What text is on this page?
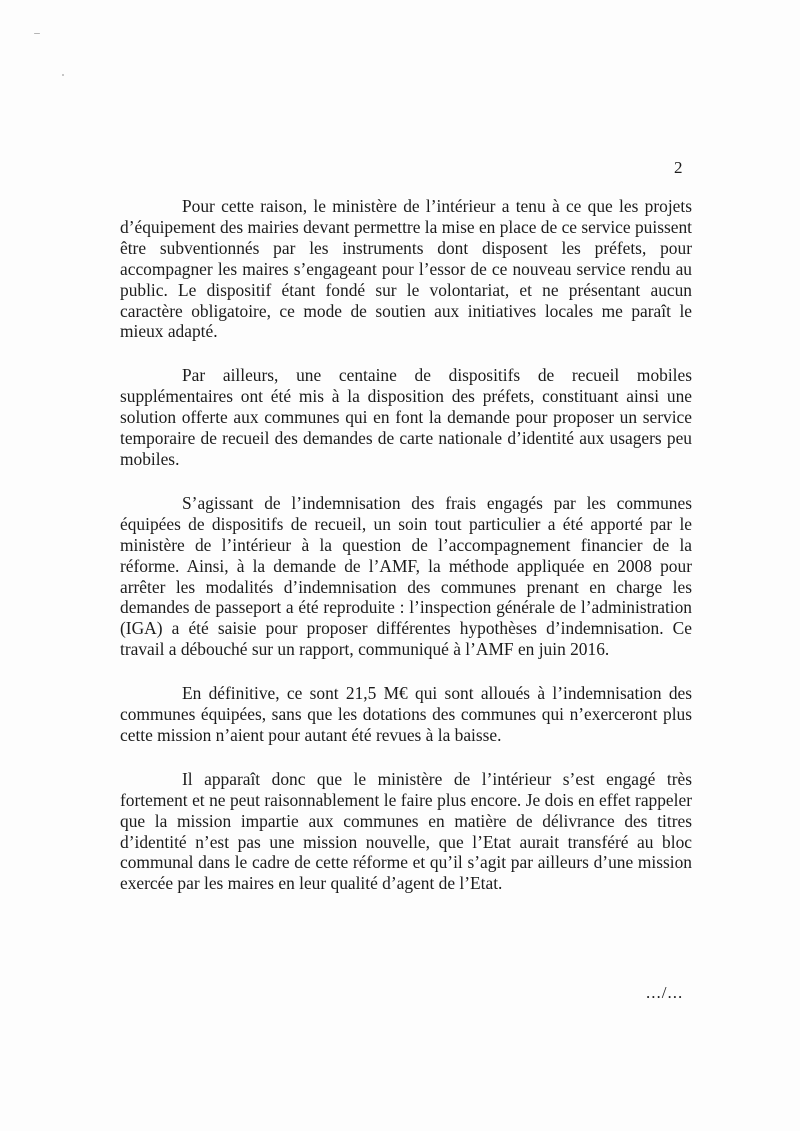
2

Pour cette raison, le ministère de l’intérieur a tenu à ce que les projets d’équipement des mairies devant permettre la mise en place de ce service puissent être subventionnés par les instruments dont disposent les préfets, pour accompagner les maires s’engageant pour l’essor de ce nouveau service rendu au public. Le dispositif étant fondé sur le volontariat, et ne présentant aucun caractère obligatoire, ce mode de soutien aux initiatives locales me paraît le mieux adapté.

Par ailleurs, une centaine de dispositifs de recueil mobiles supplémentaires ont été mis à la disposition des préfets, constituant ainsi une solution offerte aux communes qui en font la demande pour proposer un service temporaire de recueil des demandes de carte nationale d’identité aux usagers peu mobiles.

S’agissant de l’indemnisation des frais engagés par les communes équipées de dispositifs de recueil, un soin tout particulier a été apporté par le ministère de l’intérieur à la question de l’accompagnement financier de la réforme. Ainsi, à la demande de l’AMF, la méthode appliquée en 2008 pour arrêter les modalités d’indemnisation des communes prenant en charge les demandes de passeport a été reproduite : l’inspection générale de l’administration (IGA) a été saisie pour proposer différentes hypothèses d’indemnisation. Ce travail a débouché sur un rapport, communiqué à l’AMF en juin 2016.

En définitive, ce sont 21,5 M€ qui sont alloués à l’indemnisation des communes équipées, sans que les dotations des communes qui n’exerceront plus cette mission n’aient pour autant été revues à la baisse.

Il apparaît donc que le ministère de l’intérieur s’est engagé très fortement et ne peut raisonnablement le faire plus encore. Je dois en effet rappeler que la mission impartie aux communes en matière de délivrance des titres d’identité n’est pas une mission nouvelle, que l’Etat aurait transféré au bloc communal dans le cadre de cette réforme et qu’il s’agit par ailleurs d’une mission exercée par les maires en leur qualité d’agent de l’Etat.

.../...
